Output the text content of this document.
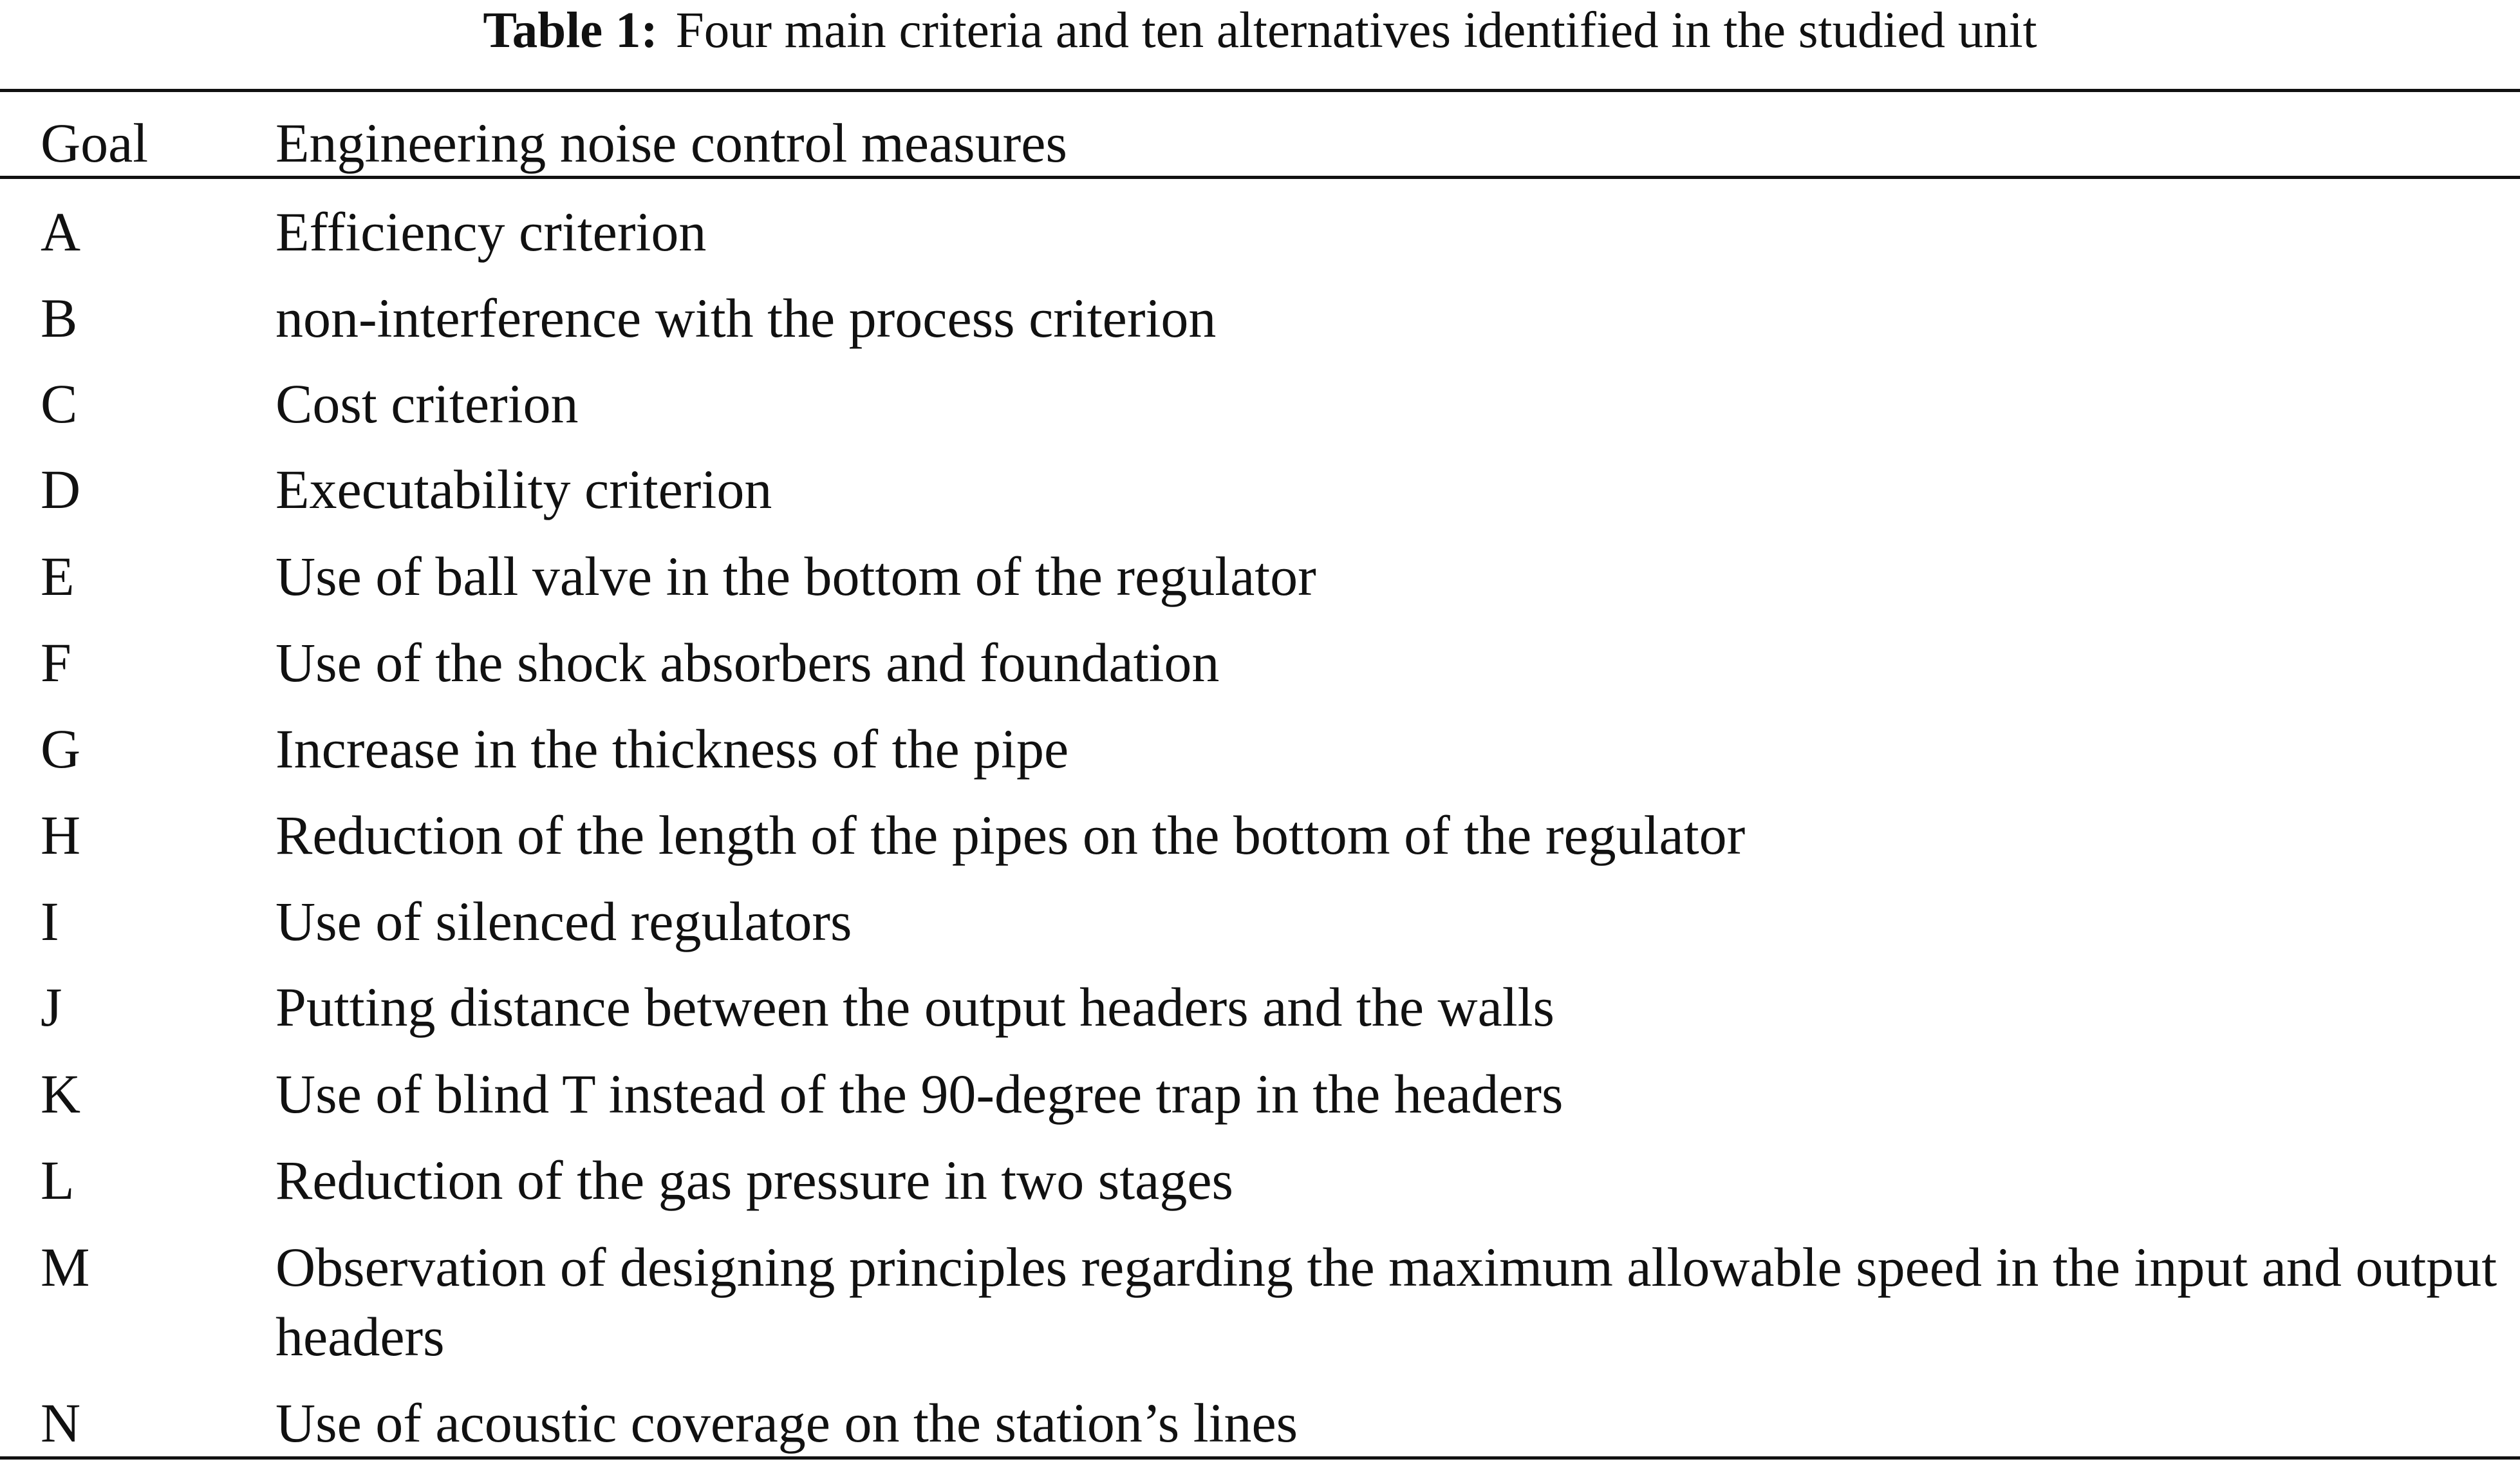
Table 1: Four main criteria and ten alternatives identified in the studied unit
Goal Engineering noise control measures
A	Efficiency criterion
B	non-interference with the process criterion
C	Cost criterion
D	Executability criterion
E	Use of ball valve in the bottom of the regulator
F	Use of the shock absorbers and foundation
G	Increase in the thickness of the pipe
H	Reduction of the length of the pipes on the bottom of the regulator
I	Use of silenced regulators
J	Putting distance between the output headers and the walls
K	Use of blind T instead of the 90-degree trap in the headers
L	Reduction of the gas pressure in two stages
M	Observation of designing principles regarding the maximum allowable speed in the input and output headers
N	Use of acoustic coverage on the station’s lines
